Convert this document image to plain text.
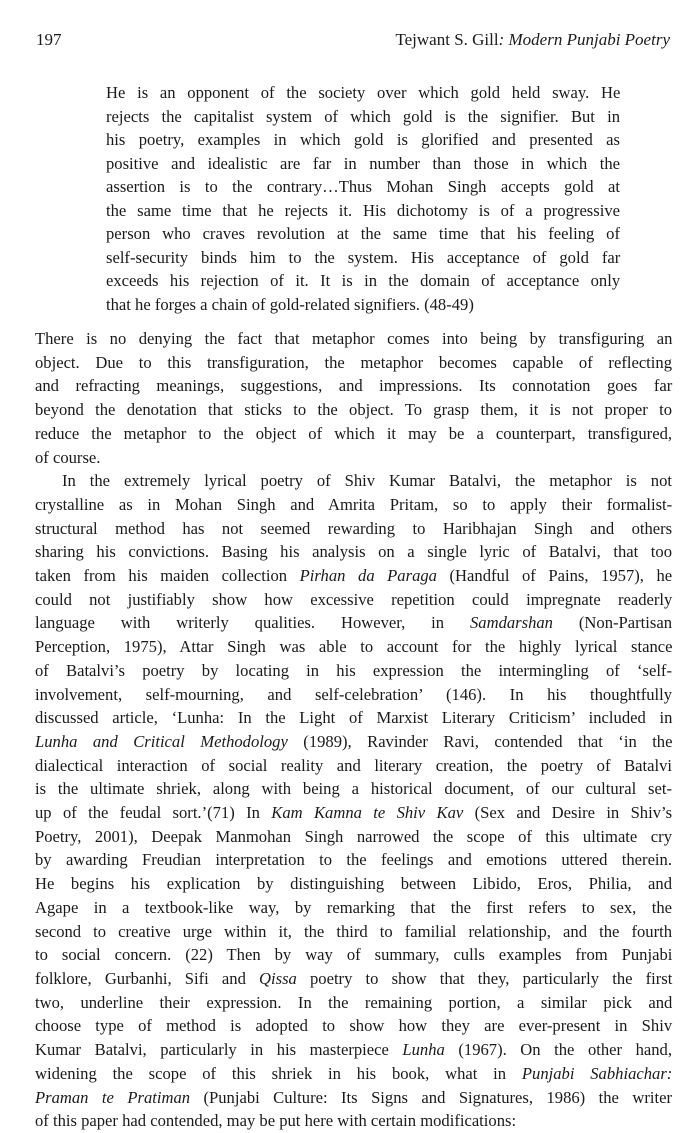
197	Tejwant S. Gill: Modern Punjabi Poetry
He is an opponent of the society over which gold held sway. He
rejects the capitalist system of which gold is the signifier. But in
his poetry, examples in which gold is glorified and presented as
positive and idealistic are far in number than those in which the
assertion is to the contrary…Thus Mohan Singh accepts gold at
the same time that he rejects it. His dichotomy is of a progressive
person who craves revolution at the same time that his feeling of
self-security binds him to the system. His acceptance of gold far
exceeds his rejection of it. It is in the domain of acceptance only
that he forges a chain of gold-related signifiers. (48-49)
There is no denying the fact that metaphor comes into being by transfiguring an
object. Due to this transfiguration, the metaphor becomes capable of reflecting
and refracting meanings, suggestions, and impressions. Its connotation goes far
beyond the denotation that sticks to the object. To grasp them, it is not proper to
reduce the metaphor to the object of which it may be a counterpart, transfigured,
of course.
In the extremely lyrical poetry of Shiv Kumar Batalvi, the metaphor is not
crystalline as in Mohan Singh and Amrita Pritam, so to apply their formalist-
structural method has not seemed rewarding to Haribhajan Singh and others
sharing his convictions. Basing his analysis on a single lyric of Batalvi, that too
taken from his maiden collection Pirhan da Paraga (Handful of Pains, 1957), he
could not justifiably show how excessive repetition could impregnate readerly
language with writerly qualities. However, in Samdarshan (Non-Partisan
Perception, 1975), Attar Singh was able to account for the highly lyrical stance
of Batalvi’s poetry by locating in his expression the intermingling of ‘self-
involvement, self-mourning, and self-celebration’ (146). In his thoughtfully
discussed article, ‘Lunha: In the Light of Marxist Literary Criticism’ included in
Lunha and Critical Methodology (1989), Ravinder Ravi, contended that ‘in the
dialectical interaction of social reality and literary creation, the poetry of Batalvi
is the ultimate shriek, along with being a historical document, of our cultural set-
up of the feudal sort.’(71) In Kam Kamna te Shiv Kav (Sex and Desire in Shiv’s
Poetry, 2001), Deepak Manmohan Singh narrowed the scope of this ultimate cry
by awarding Freudian interpretation to the feelings and emotions uttered therein.
He begins his explication by distinguishing between Libido, Eros, Philia, and
Agape in a textbook-like way, by remarking that the first refers to sex, the
second to creative urge within it, the third to familial relationship, and the fourth
to social concern. (22) Then by way of summary, culls examples from Punjabi
folklore, Gurbanhi, Sifi and Qissa poetry to show that they, particularly the first
two, underline their expression. In the remaining portion, a similar pick and
choose type of method is adopted to show how they are ever-present in Shiv
Kumar Batalvi, particularly in his masterpiece Lunha (1967). On the other hand,
widening the scope of this shriek in his book, what in Punjabi Sabhiachar:
Praman te Pratiman (Punjabi Culture: Its Signs and Signatures, 1986) the writer
of this paper had contended, may be put here with certain modifications:
